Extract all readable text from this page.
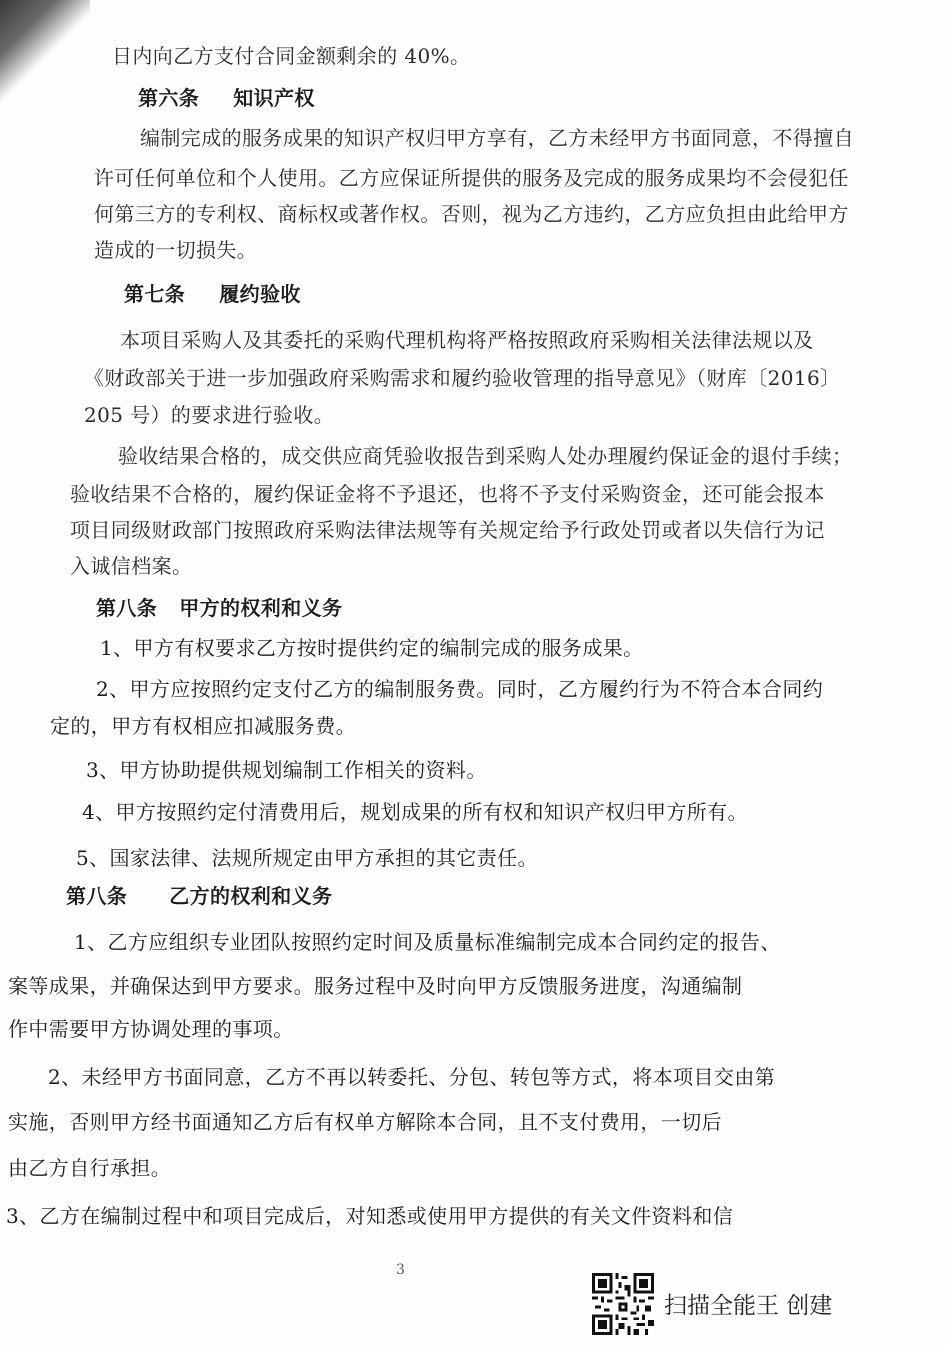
日内向乙方支付合同金额剩余的 40%。
第六条 知识产权
编制完成的服务成果的知识产权归甲方享有，乙方未经甲方书面同意，不得擅自
许可任何单位和个人使用。乙方应保证所提供的服务及完成的服务成果均不会侵犯任
何第三方的专利权、商标权或著作权。否则，视为乙方违约，乙方应负担由此给甲方
造成的一切损失。
第七条 履约验收
本项目采购人及其委托的采购代理机构将严格按照政府采购相关法律法规以及
《财政部关于进一步加强政府采购需求和履约验收管理的指导意见》（财库〔2016〕
205 号）的要求进行验收。
验收结果合格的，成交供应商凭验收报告到采购人处办理履约保证金的退付手续；
验收结果不合格的，履约保证金将不予退还，也将不予支付采购资金，还可能会报本
项目同级财政部门按照政府采购法律法规等有关规定给予行政处罚或者以失信行为记
入诚信档案。
第八条 甲方的权利和义务
1、甲方有权要求乙方按时提供约定的编制完成的服务成果。
2、甲方应按照约定支付乙方的编制服务费。同时，乙方履约行为不符合本合同约
定的，甲方有权相应扣减服务费。
3、甲方协助提供规划编制工作相关的资料。
4、甲方按照约定付清费用后，规划成果的所有权和知识产权归甲方所有。
5、国家法律、法规所规定由甲方承担的其它责任。
第八条 乙方的权利和义务
1、乙方应组织专业团队按照约定时间及质量标准编制完成本合同约定的报告、
案等成果，并确保达到甲方要求。服务过程中及时向甲方反馈服务进度，沟通编制
作中需要甲方协调处理的事项。
2、未经甲方书面同意，乙方不再以转委托、分包、转包等方式，将本项目交由第
实施，否则甲方经书面通知乙方后有权单方解除本合同，且不支付费用，一切后
由乙方自行承担。
3、乙方在编制过程中和项目完成后，对知悉或使用甲方提供的有关文件资料和信
3
扫描全能王 创建
